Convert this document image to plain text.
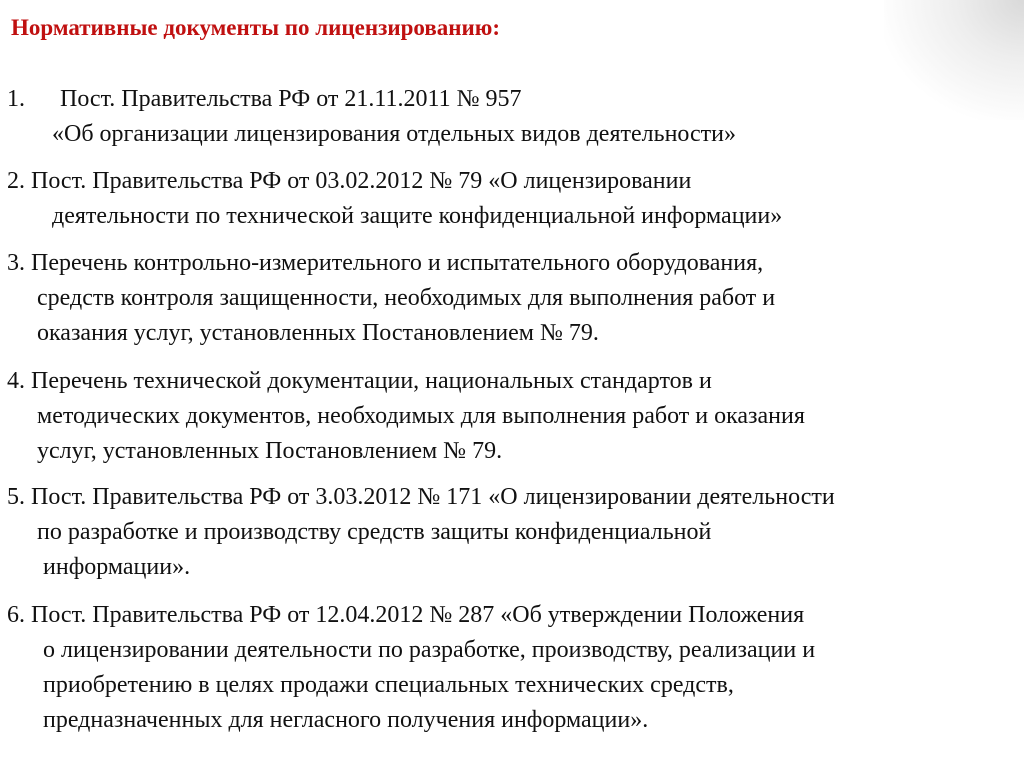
Нормативные документы по лицензированию:
1. Пост. Правительства РФ от 21.11.2011 № 957
«Об организации лицензирования отдельных видов деятельности»
2. Пост. Правительства РФ от 03.02.2012 № 79 «О лицензировании
деятельности по технической защите конфиденциальной информации»
3. Перечень контрольно-измерительного и испытательного оборудования,
средств контроля защищенности, необходимых для выполнения работ и
оказания услуг, установленных Постановлением № 79.
4. Перечень технической документации, национальных стандартов и
методических документов, необходимых для выполнения работ и оказания
услуг, установленных Постановлением № 79.
5. Пост. Правительства РФ от 3.03.2012 № 171 «О лицензировании деятельности
по разработке и производству средств защиты конфиденциальной
информации».
6. Пост. Правительства РФ от 12.04.2012 № 287 «Об утверждении Положения
о лицензировании деятельности по разработке, производству, реализации и
приобретению в целях продажи специальных технических средств,
предназначенных для негласного получения информации».
